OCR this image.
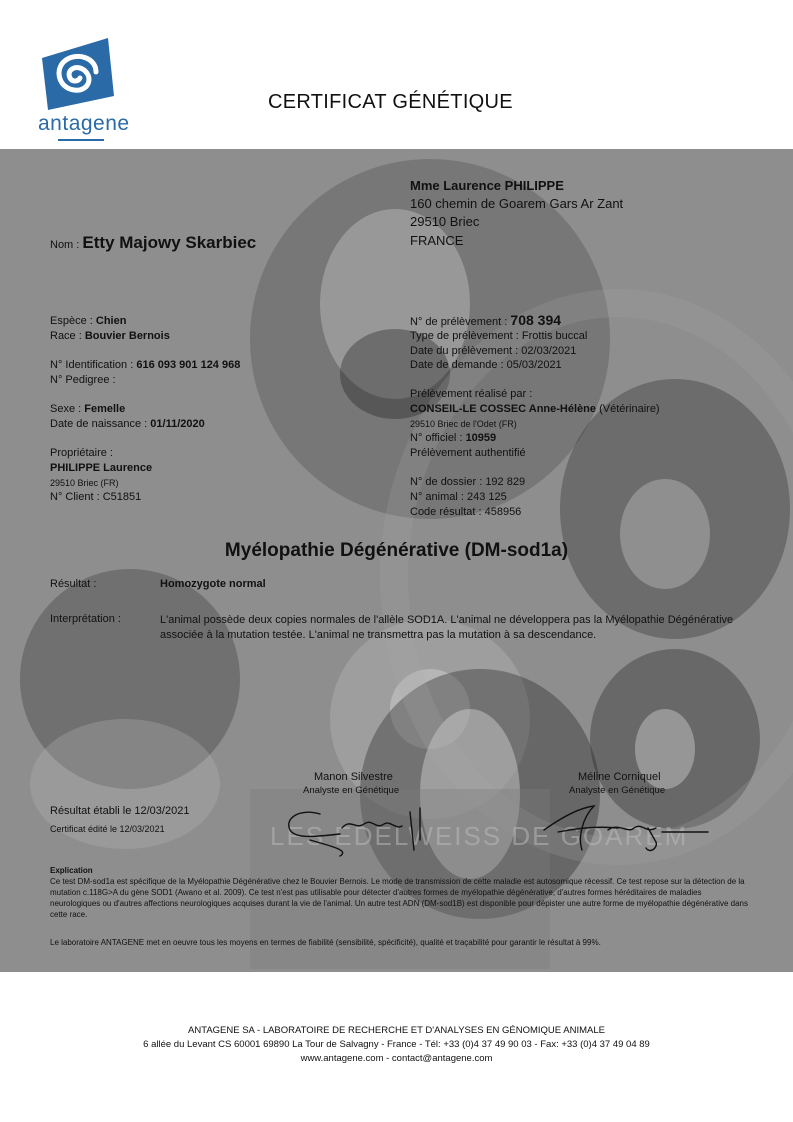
antagene
CERTIFICAT GÉNÉTIQUE
LES EDELWEISS DE GOAREM
Mme Laurence PHILIPPE
160 chemin de Goarem Gars Ar Zant
29510 Briec
FRANCE
Nom : Etty Majowy Skarbiec
Espèce : Chien
Race : Bouvier Bernois
N° Identification : 616 093 901 124 968
N° Pedigree :
Sexe : Femelle
Date de naissance : 01/11/2020
Propriétaire :
PHILIPPE Laurence
29510 Briec (FR)
N° Client : C51851
N° de prélèvement : 708 394
Type de prélèvement : Frottis buccal
Date du prélèvement : 02/03/2021
Date de demande : 05/03/2021
Prélèvement réalisé par :
CONSEIL-LE COSSEC Anne-Hélène (Vétérinaire)
29510 Briec de l'Odet (FR)
N° officiel : 10959
Prélèvement authentifié
N° de dossier : 192 829
N° animal : 243 125
Code résultat : 458956
Myélopathie Dégénérative (DM-sod1a)
Résultat :	Homozygote normal
Interprétation :	L'animal possède deux copies normales de l'allèle SOD1A. L'animal ne développera pas la Myélopathie Dégénérative associée à la mutation testée. L'animal ne transmettra pas la mutation à sa descendance.
Manon Silvestre
Analyste en Génétique
Méline Corniquel
Analyste en Génétique
Résultat établi le 12/03/2021
Certificat édité le 12/03/2021
Explication
Ce test DM-sod1a est spécifique de la Myélopathie Dégénérative chez le Bouvier Bernois. Le mode de transmission de cette maladie est autosomique récessif. Ce test repose sur la détection de la mutation c.118G>A du gène SOD1 (Awano et al. 2009). Ce test n'est pas utilisable pour détecter d'autres formes de myélopathie dégénérative, d'autres formes héréditaires de maladies neurologiques ou d'autres affections neurologiques acquises durant la vie de l'animal. Un autre test ADN (DM-sod1B) est disponible pour dépister une autre forme de myélopathie dégénérative dans cette race.
Le laboratoire ANTAGENE met en oeuvre tous les moyens en termes de fiabilité (sensibilité, spécificité), qualité et traçabilité pour garantir le résultat à 99%.
ANTAGENE SA - LABORATOIRE DE RECHERCHE ET D'ANALYSES EN GÉNOMIQUE ANIMALE
6 allée du Levant CS 60001 69890 La Tour de Salvagny - France - Tél: +33 (0)4 37 49 90 03 - Fax: +33 (0)4 37 49 04 89
www.antagene.com - contact@antagene.com
